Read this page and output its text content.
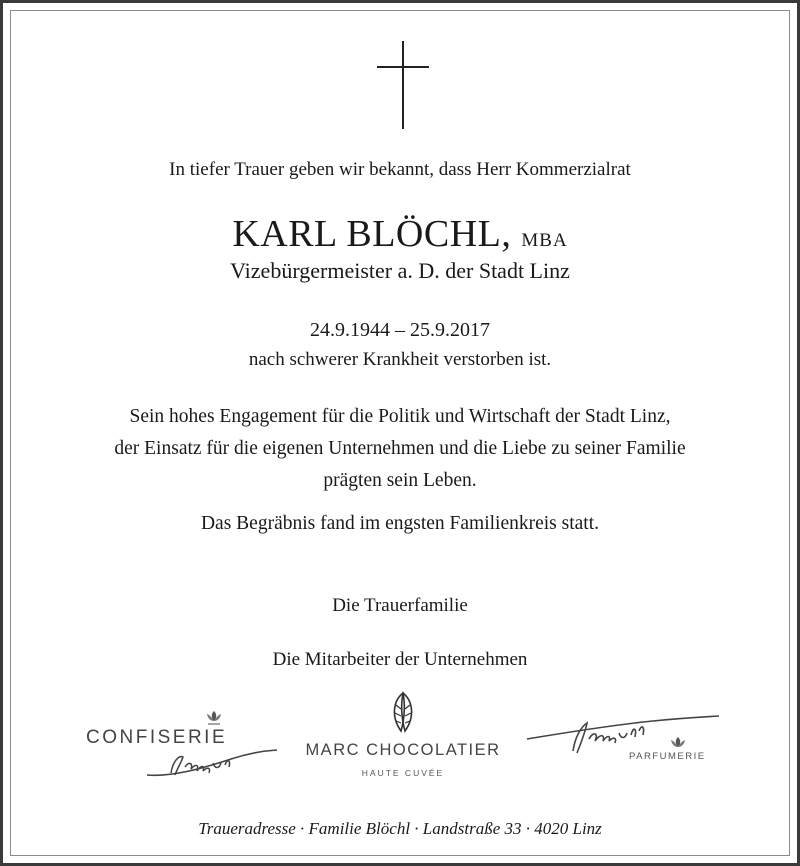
In tiefer Trauer geben wir bekannt, dass Herr Kommerzialrat
KARL BLÖCHL, MBA
Vizebürgermeister a. D. der Stadt Linz
24.9.1944 – 25.9.2017
nach schwerer Krankheit verstorben ist.
Sein hohes Engagement für die Politik und Wirtschaft der Stadt Linz,
der Einsatz für die eigenen Unternehmen und die Liebe zu seiner Familie
prägten sein Leben.
Das Begräbnis fand im engsten Familienkreis statt.
Die Trauerfamilie
Die Mitarbeiter der Unternehmen
CONFISERIE
MARC CHOCOLATIER
HAUTE CUVÉE
PARFUMERIE
Traueradresse · Familie Blöchl · Landstraße 33 · 4020 Linz
